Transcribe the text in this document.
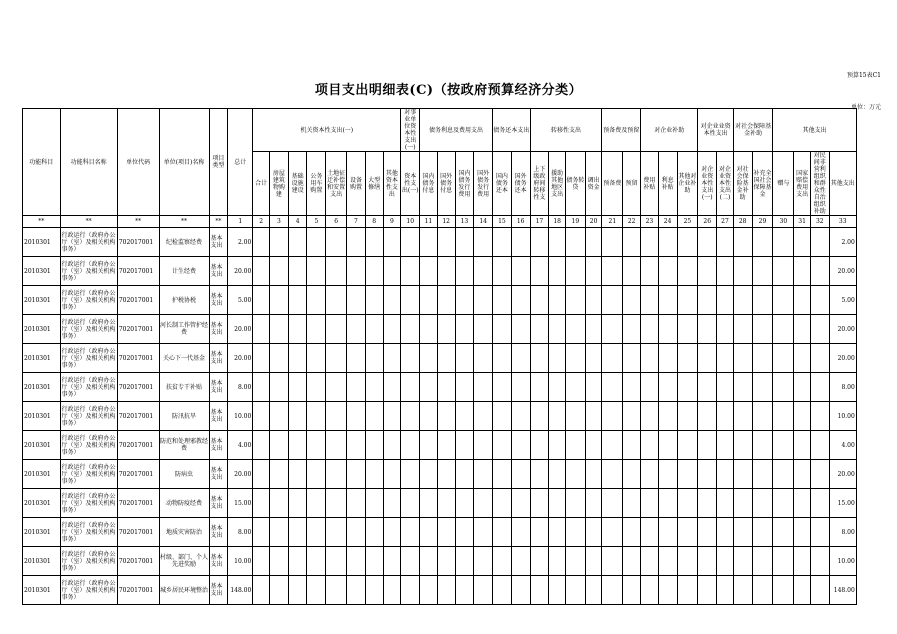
预算15表C1
项目支出明细表(C)（按政府预算经济分类）
单位：万元
功能科目	功能科目名称	单位代码	单位(项目)名称	项目类型	总计	机关资本性支出(一)								对事业单位资本性支出(一)	债务利息及费用支出				债务还本支出		转移性支出				预备费及预留		对企业补助			对企业业资本性支出		对社会保障基金补助		其他支出			
						合计	房屋建筑物购建	基础设施建设	公务用车购置	土地征迁补偿和安置支出	设备购置	大型修缮	其他资本性支出	资本性支出(一)	国内债务付息	国外债务付息	国内债务发行费用	国外债务发行费用	国内债务还本	国外债务还本	上下级政府间转移性支	援助其他地区支出	债务转贷	调出资金	预备费	预留	费用补贴	利息补贴	其他对企业补助	对企业资本性支出(一)	对企业资本性支出(二)	对社会保险基金补助	补充全国社会保障基金	赠与	国家赔偿费用支出	对民间非营利组织和群众性自治组织补助	其他支出
**	**	**	**	**	1	2	3	4	5	6	7	8	9	10	11	12	13	14	15	16	17	18	19	20	21	22	23	24	25	26	27	28	29	30	31	32	33
2010301	行政运行（政府办公厅（室）及相关机构事务）	702017001	纪检监察经费	基本支出	2.00																																2.00
2010301	行政运行（政府办公厅（室）及相关机构事务）	702017001	计生经费	基本支出	20.00																																20.00
2010301	行政运行（政府办公厅（室）及相关机构事务）	702017001	护税协税	基本支出	5.00																																5.00
2010301	行政运行（政府办公厅（室）及相关机构事务）	702017001	河长制工作管护经费	基本支出	20.00																																20.00
2010301	行政运行（政府办公厅（室）及相关机构事务）	702017001	关心下一代基金	基本支出	20.00																																20.00
2010301	行政运行（政府办公厅（室）及相关机构事务）	702017001	扶贫专干补贴	基本支出	8.00																																8.00
2010301	行政运行（政府办公厅（室）及相关机构事务）	702017001	防汛抗旱	基本支出	10.00																																10.00
2010301	行政运行（政府办公厅（室）及相关机构事务）	702017001	防范和处理邪教经费	基本支出	4.00																																4.00
2010301	行政运行（政府办公厅（室）及相关机构事务）	702017001	防病虫	基本支出	20.00																																20.00
2010301	行政运行（政府办公厅（室）及相关机构事务）	702017001	动物防疫经费	基本支出	15.00																																15.00
2010301	行政运行（政府办公厅（室）及相关机构事务）	702017001	地质灾害防治	基本支出	8.00																																8.00
2010301	行政运行（政府办公厅（室）及相关机构事务）	702017001	村级、部门、个人先进奖励	基本支出	10.00																																10.00
2010301	行政运行（政府办公厅（室）及相关机构事务）	702017001	城乡居民环境整治	基本支出	148.00																																148.00
